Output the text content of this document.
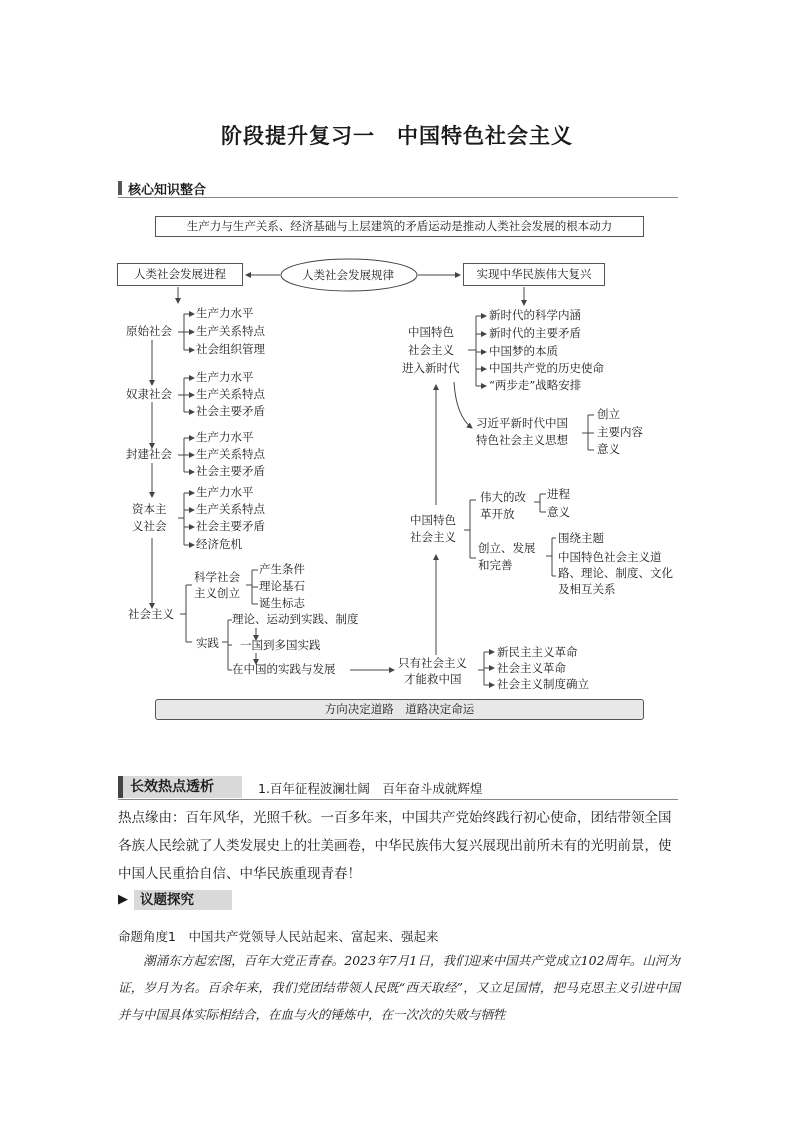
阶段提升复习一　中国特色社会主义
核心知识整合
生产力与生产关系、经济基础与上层建筑的矛盾运动是推动人类社会发展的根本动力
人类社会发展规律
人类社会发展进程	实现中华民族伟大复兴
原始社会
生产力水平
生产关系特点
社会组织管理
奴隶社会
生产力水平
生产关系特点
社会主要矛盾
封建社会
生产力水平
生产关系特点
社会主要矛盾
资本主
义社会
生产力水平
生产关系特点
社会主要矛盾
经济危机
社会主义
科学社会
主义创立
产生条件
理论基石
诞生标志
实践
理论、运动到实践、制度
一国到多国实践
在中国的实践与发展
中国特色
社会主义
进入新时代
新时代的科学内涵
新时代的主要矛盾
中国梦的本质
中国共产党的历史使命
“两步走”战略安排
习近平新时代中国
特色社会主义思想
创立
主要内容
意义
中国特色
社会主义
伟大的改
革开放
进程
意义
创立、发展
和完善
围绕主题
中国特色社会主义道
路、理论、制度、文化
及相互关系
只有社会主义
才能救中国
新民主主义革命
社会主义革命
社会主义制度确立
方向决定道路　道路决定命运
长效热点透析	1.百年征程波澜壮阔　百年奋斗成就辉煌
热点缘由：百年风华，光照千秋。一百多年来，中国共产党始终践行初心使命，团结带领全国各族人民绘就了人类发展史上的壮美画卷，中华民族伟大复兴展现出前所未有的光明前景，使中国人民重拾自信、中华民族重现青春！
▶ 议题探究
命题角度1　中国共产党领导人民站起来、富起来、强起来
　　潮涌东方起宏图，百年大党正青春。2023年7月1日，我们迎来中国共产党成立102周年。山河为证，岁月为名。百余年来，我们党团结带领人民既“西天取经”，又立足国情，把马克思主义引进中国并与中国具体实际相结合，在血与火的锤炼中，在一次次的失败与牺牲
